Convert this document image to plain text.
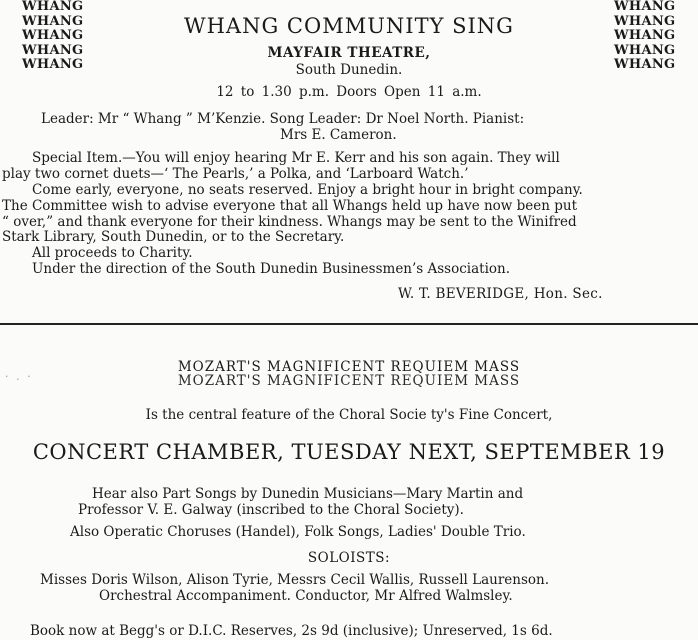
WHANG
WHANG
WHANG
WHANG
WHANG
WHANG
WHANG
WHANG
WHANG
WHANG
WHANG COMMUNITY SING
MAYFAIR THEATRE,
South Dunedin.
12 to 1.30 p.m. Doors Open 11 a.m.
Leader: Mr “ Whang ” M’Kenzie. Song Leader: Dr Noel North. Pianist:
Mrs E. Cameron.
Special Item.—You will enjoy hearing Mr E. Kerr and his son again. They will
play two cornet duets—‘ The Pearls,’ a Polka, and ‘Larboard Watch.’
Come early, everyone, no seats reserved. Enjoy a bright hour in bright company.
The Committee wish to advise everyone that all Whangs held up have now been put
“ over,” and thank everyone for their kindness. Whangs may be sent to the Winifred
Stark Library, South Dunedin, or to the Secretary.
All proceeds to Charity.
Under the direction of the South Dunedin Businessmen’s Association.
W. T. BEVERIDGE, Hon. Sec.
· ․ ·
MOZART'S MAGNIFICENT REQUIEM MASS
MOZART'S MAGNIFICENT REQUIEM MASS
Is the central feature of the Choral Socie ty's Fine Concert,
CONCERT CHAMBER, TUESDAY NEXT, SEPTEMBER 19
Hear also Part Songs by Dunedin Musicians—Mary Martin and
Professor V. E. Galway (inscribed to the Choral Society).
Also Operatic Choruses (Handel), Folk Songs, Ladies' Double Trio.
SOLOISTS:
Misses Doris Wilson, Alison Tyrie, Messrs Cecil Wallis, Russell Laurenson.
Orchestral Accompaniment. Conductor, Mr Alfred Walmsley.
Book now at Begg's or D.I.C. Reserves, 2s 9d (inclusive); Unreserved, 1s 6d.
